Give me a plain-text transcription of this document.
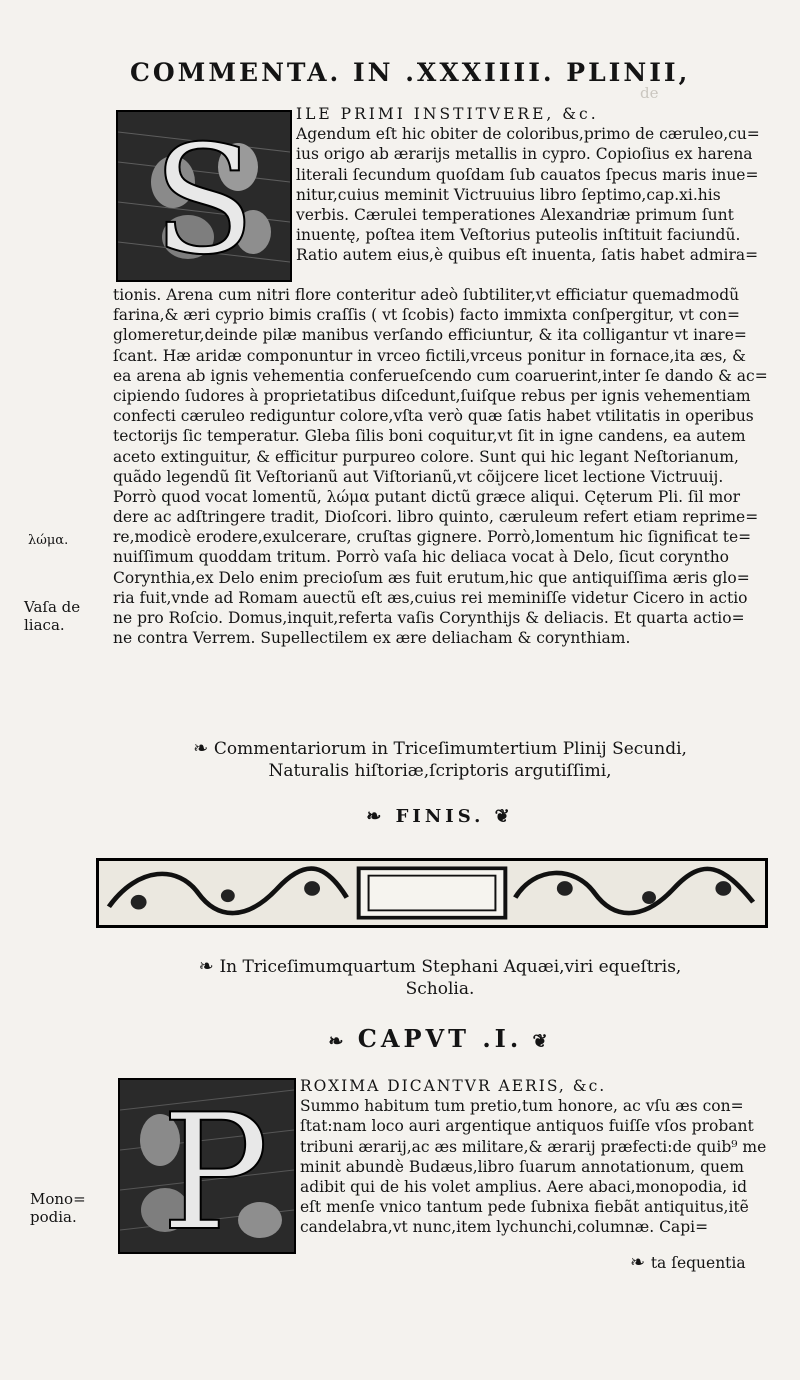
de
COMMENTA. IN .XXXIIII. PLINII,
S	ILE PRIMI INSTITVERE, &c.
Agendum eſt hic obiter de coloribus,primo de cæruleo,cu=
ius origo ab ærarijs metallis in cypro. Copioſius ex harena
literali ſecundum quoſdam ſub cauatos ſpecus maris inue=
nitur,cuius meminit Victruuius libro ſeptimo,cap.xi.his
verbis. Cærulei temperationes Alexandriæ primum ſunt
inuentę, poſtea item Veſtorius puteolis inſtituit faciundũ.
Ratio autem eius,è quibus eſt inuenta, ſatis habet admira=
tionis. Arena cum nitri flore conteritur adeò ſubtiliter,vt efficiatur quemadmodũ
farina,& æri cyprio bimis craſſis ( vt ſcobis) facto immixta conſpergitur, vt con=
glomeretur,deinde pilæ manibus verſando efficiuntur, & ita colligantur vt inare=
ſcant. Hæ aridæ componuntur in vrceo fictili,vrceus ponitur in fornace,ita æs, &
ea arena ab ignis vehementia conferueſcendo cum coaruerint,inter ſe dando & ac=
cipiendo ſudores à proprietatibus diſcedunt,ſuiſque rebus per ignis vehementiam
confecti cæruleo rediguntur colore,vſta verò quæ ſatis habet vtilitatis in operibus
tectorijs ſic temperatur. Gleba ſilis boni coquitur,vt ſit in igne candens, ea autem
aceto extinguitur, & efficitur purpureo colore. Sunt qui hic legant Neſtorianum,
quãdo legendũ ſit Veſtorianũ aut Viſtorianũ,vt cõijcere licet lectione Victruuij.
Porrò quod vocat lomentũ, λώμα putant dictũ græce aliqui. Cęterum Pli. ſil mor
dere ac adſtringere tradit, Dioſcori. libro quinto, cæruleum refert etiam reprime=
re,modicè erodere,exulcerare, cruſtas gignere. Porrò,lomentum hic ſignificat te=
nuiſſimum quoddam tritum. Porrò vaſa hic deliaca vocat à Delo, ſicut corynthο
Corynthia,ex Delo enim precioſum æs fuit erutum,hic que antiquiſſima æris glo=
ria fuit,vnde ad Romam auectũ eſt æs,cuius rei meminiſſe videtur Cicero in actio
ne pro Roſcio. Domus,inquit,referta vaſis Corynthijs & deliacis. Et quarta actio=
ne contra Verrem. Supellectilem ex ære deliacham & corynthiam.
λώμα.
Vaſa de liaca.
❧ Commentariorum in Triceſimumtertium Plinij Secundi,
Naturalis hiſtoriæ,ſcriptoris argutiſſimi,
❧ FINIS. ❦
❧ In Triceſimumquartum Stephani Aquæi,viri equeſtris,
Scholia.
❧ CAPVT .I. ❦
P ROXIMA DICANTVR AERIS, &c.
Summo habitum tum pretio,tum honore, ac vſu æs con=
ſtat:nam loco auri argentique antiquos fuiſſe vſos probant
tribuni ærarij,ac æs militare,& ærarij præfecti:de quib⁹ me
minit abundè Budæus,libro ſuarum annotationum, quem
adibit qui de his volet amplius. Aere abaci,monopodia, id
eſt menſe vnico tantum pede ſubnixa fiebãt antiquitus,itẽ
candelabra,vt nunc,item lychunchi,columnæ. Capi=
Mono= podia.
❧ ta ſequentia
